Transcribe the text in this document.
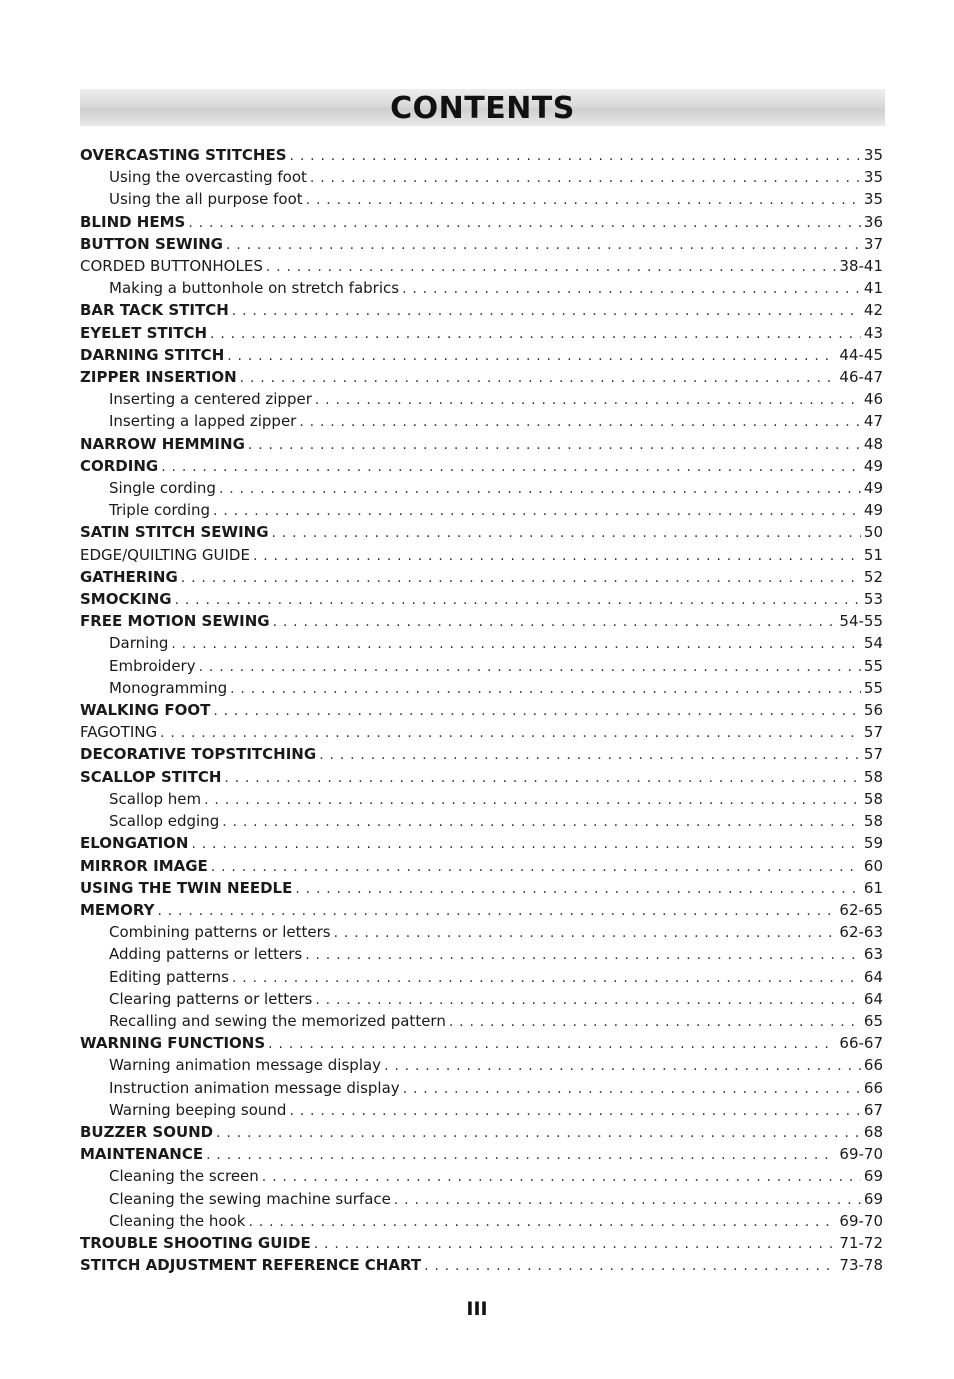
CONTENTS
OVERCASTING STITCHES . . .	35
Using the overcasting foot . . .	35
Using the all purpose foot . . .	35
BLIND HEMS . . .	36
BUTTON SEWING . . .	37
CORDED BUTTONHOLES . . .	38-41
Making a buttonhole on stretch fabrics . . .	41
BAR TACK STITCH . . .	42
EYELET STITCH . . .	43
DARNING STITCH . . .	44-45
ZIPPER INSERTION . . .	46-47
Inserting a centered zipper . . .	46
Inserting a lapped zipper . . .	47
NARROW HEMMING . . .	48
CORDING . . .	49
Single cording . . .	49
Triple cording . . .	49
SATIN STITCH SEWING . . .	50
EDGE/QUILTING GUIDE . . .	51
GATHERING . . .	52
SMOCKING . . .	53
FREE MOTION SEWING . . .	54-55
Darning . . .	54
Embroidery . . .	55
Monogramming . . .	55
WALKING FOOT . . .	56
FAGOTING . . .	57
DECORATIVE TOPSTITCHING . . .	57
SCALLOP STITCH . . .	58
Scallop hem . . .	58
Scallop edging . . .	58
ELONGATION . . .	59
MIRROR IMAGE . . .	60
USING THE TWIN NEEDLE . . .	61
MEMORY . . .	62-65
Combining patterns or letters . . .	62-63
Adding patterns or letters . . .	63
Editing patterns . . .	64
Clearing patterns or letters . . .	64
Recalling and sewing the memorized pattern . . .	65
WARNING FUNCTIONS . . .	66-67
Warning animation message display . . .	66
Instruction animation message display . . .	66
Warning beeping sound . . .	67
BUZZER SOUND . . .	68
MAINTENANCE . . .	69-70
Cleaning the screen . . .	69
Cleaning the sewing machine surface . . .	69
Cleaning the hook . . .	69-70
TROUBLE SHOOTING GUIDE . . .	71-72
STITCH ADJUSTMENT REFERENCE CHART . . .	73-78
III
